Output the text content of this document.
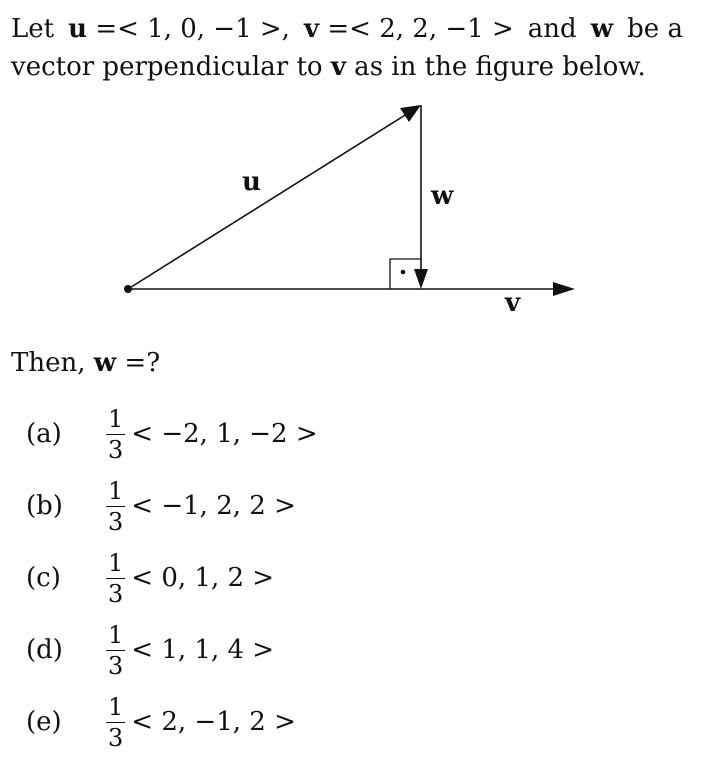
Let u =< 1, 0, −1 >, v =< 2, 2, −1 > and w be a
vector perpendicular to v as in the figure below.
u	w
v
Then, w =?
(a)	$\frac{1}{3} < -2$, 1, −2 >
(b)	$\frac{1}{3} < -1$, 2, 2 >
(c)	$\frac{1}{3} < 0$, 1, 2 >
(d)	$\frac{1}{3} < 1$, 1, 4 >
(e)	$\frac{1}{3} < 2$, −1, 2 >
